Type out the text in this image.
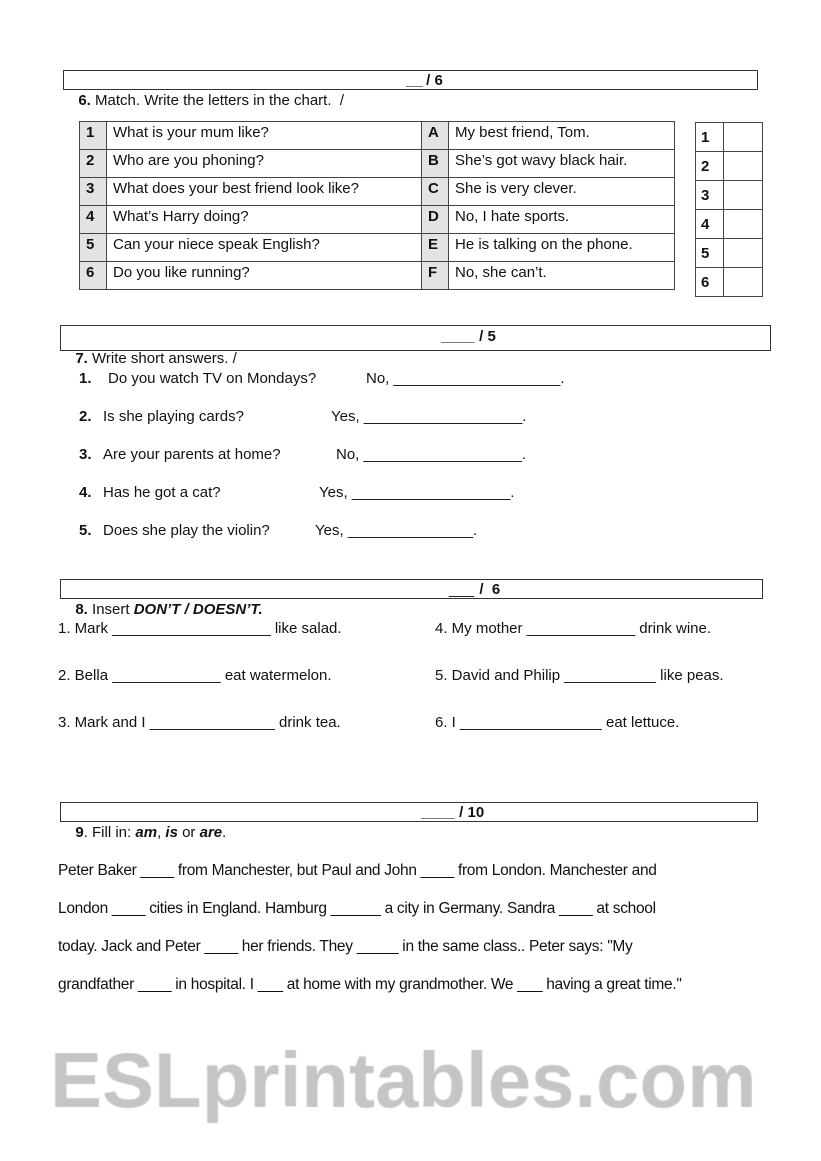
6. Match. Write the letters in the chart.  /
__ / 6

1	What is your mum like?	A	My best friend, Tom.
2	Who are you phoning?	B	She’s got wavy black hair.
3	What does your best friend look like?	C	She is very clever.
4	What’s Harry doing?	D	No, I hate sports.
5	Can your niece speak English?	E	He is talking on the phone.
6	Do you like running?	F	No, she can’t.
1	
2	
3	
4	
5	
6	

7. Write short answers. /
____ / 5

1. Do you watch TV on Mondays?	No, ____________________.
2. Is she playing cards?	Yes, ___________________.
3. Are your parents at home?	No, ___________________.
4. Has he got a cat?	Yes, ___________________.
5. Does she play the violin?	Yes, _______________.

8. Insert DON’T / DOESN’T.
___
/  6

1. Mark ___________________ like salad.
2. Bella _____________ eat watermelon.
3. Mark and I _______________ drink tea.
4. My mother _____________ drink wine.
5. David and Philip ___________ like peas.
6. I _________________ eat lettuce.

9. Fill in: am, is or are.
____ / 10

Peter Baker ____ from Manchester, but Paul and John ____ from London. Manchester and
London ____ cities in England. Hamburg ______ a city in Germany. Sandra ____ at school
today. Jack and Peter ____ her friends. They _____ in the same class.. Peter says: "My
grandfather ____ in hospital. I ___ at home with my grandmother. We ___ having a great time."
